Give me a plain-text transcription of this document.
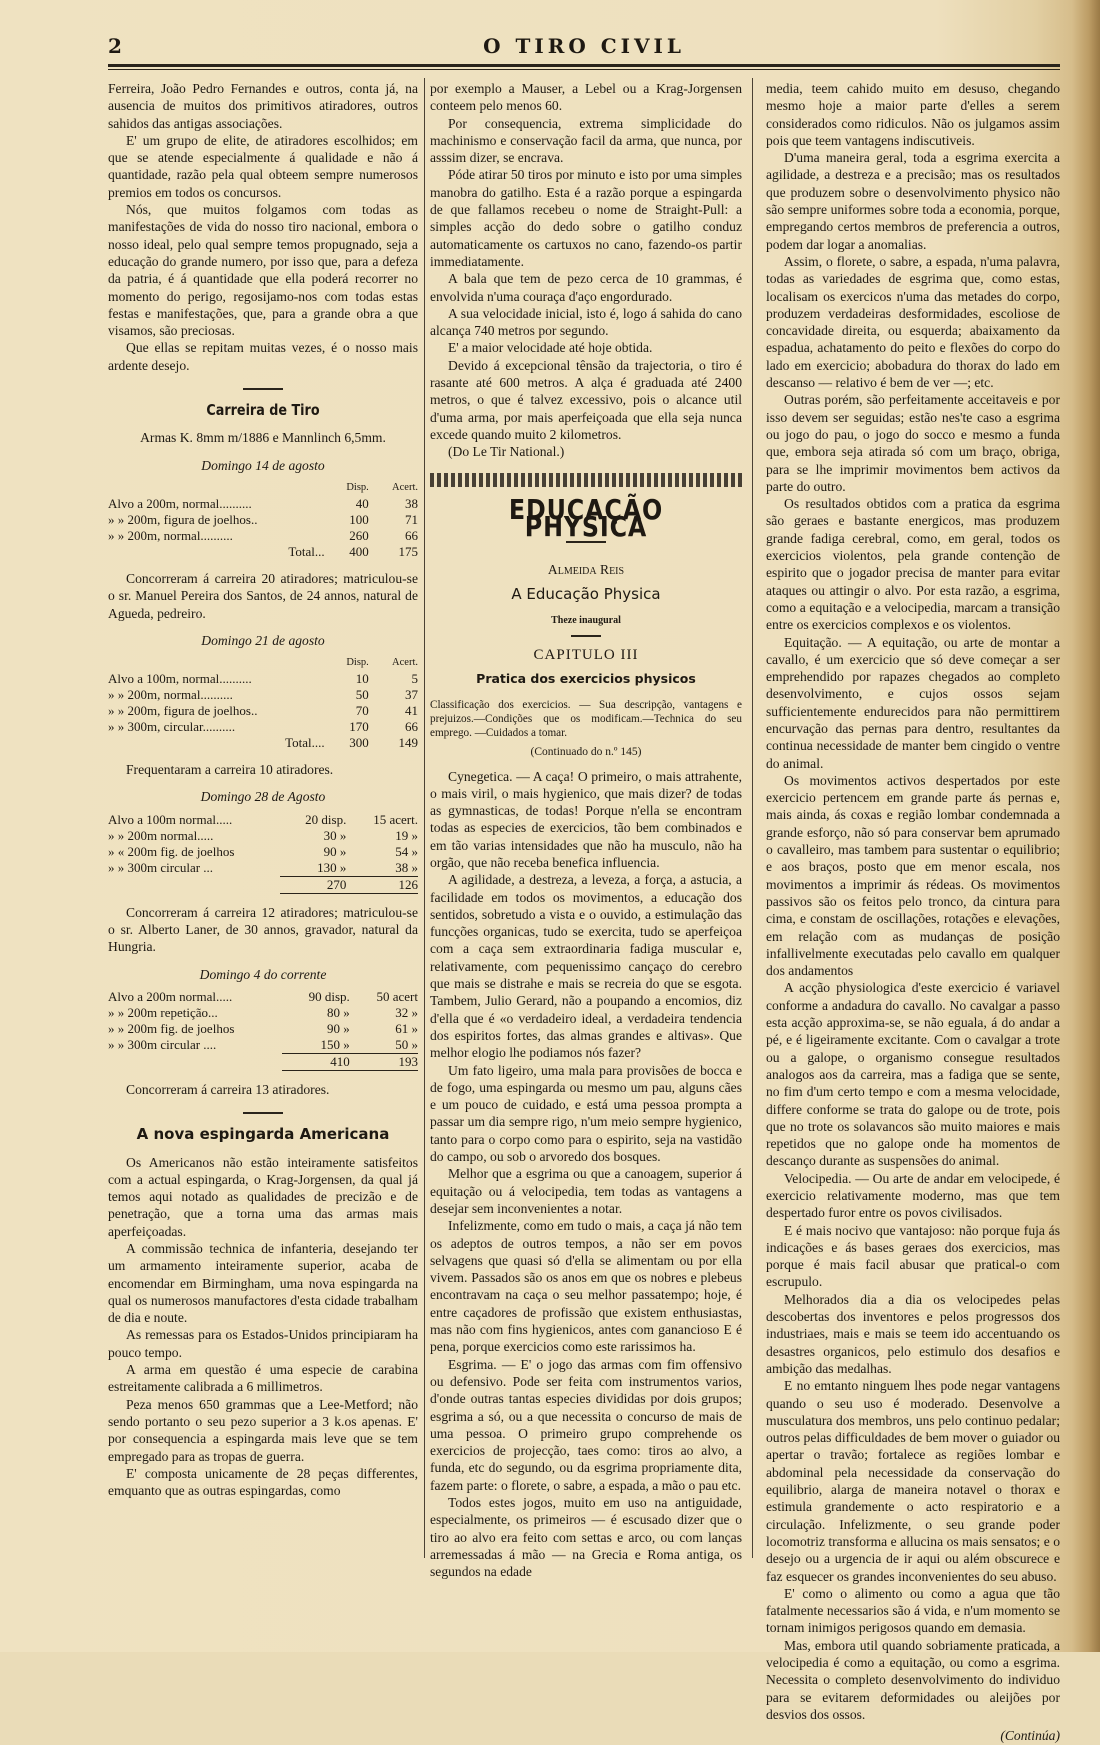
2	O TIRO CIVIL

Ferreira, João Pedro Fernandes e outros, conta já, na ausencia de muitos dos primitivos atiradores, outros sahidos das antigas associações.

E' um grupo de elite, de atiradores escolhidos; em que se atende especialmente á qualidade e não á quantidade, razão pela qual obteem sempre numerosos premios em todos os concursos.

Nós, que muitos folgamos com todas as manifestações de vida do nosso tiro nacional, embora o nosso ideal, pelo qual sempre temos propugnado, seja a educação do grande numero, por isso que, para a defeza da patria, é á quantidade que ella poderá recorrer no momento do perigo, regosijamo-nos com todas estas festas e manifestações, que, para a grande obra a que visamos, são preciosas.

Que ellas se repitam muitas vezes, é o nosso mais ardente desejo.

Carreira de Tiro

Armas K. 8mm m/1886 e Mannlinch 6,5mm.

Domingo 14 de agosto
	Disp.	Acert.
Alvo a 200m, normal..........	40	38
» » 200m, figura de joelhos..	100	71
» » 200m, normal..........	260	66
Total...	400	175

Concorreram á carreira 20 atiradores; matriculou-se o sr. Manuel Pereira dos Santos, de 24 annos, natural de Agueda, pedreiro.

Domingo 21 de agosto
	Disp.	Acert.
Alvo a 100m, normal..........	10	5
» » 200m, normal..........	50	37
» » 200m, figura de joelhos..	70	41
» » 300m, circular..........	170	66
Total....	300	149

Frequentaram a carreira 10 atiradores.

Domingo 28 de Agosto
Alvo a 100m normal.....	20 disp.	15 acert.
» » 200m normal.....	30 »	19 »
» « 200m fig. de joelhos	90 »	54 »
» » 300m circular ...	130 »	38 »
	270	126

Concorreram á carreira 12 atiradores; matriculou-se o sr. Alberto Laner, de 30 annos, gravador, natural da Hungria.

Domingo 4 do corrente
Alvo a 200m normal.....	90 disp.	50 acert
» » 200m repetição...	80 »	32 »
» » 200m fig. de joelhos	90 »	61 »
» » 300m circular ....	150 »	50 »
	410	193

Concorreram á carreira 13 atiradores.

A nova espingarda Americana

Os Americanos não estão inteiramente satisfeitos com a actual espingarda, o Krag-Jorgensen, da qual já temos aqui notado as qualidades de precizão e de penetração, que a torna uma das armas mais aperfeiçoadas.

A commissão technica de infanteria, desejando ter um armamento inteiramente superior, acaba de encomendar em Birmingham, uma nova espingarda na qual os numerosos manufactores d'esta cidade trabalham de dia e noute.

As remessas para os Estados-Unidos principiaram ha pouco tempo.

A arma em questão é uma especie de carabina estreitamente calibrada a 6 millimetros.

Peza menos 650 grammas que a Lee-Metford; não sendo portanto o seu pezo superior a 3 k.os apenas. E' por consequencia a espingarda mais leve que se tem empregado para as tropas de guerra.

E' composta unicamente de 28 peças differentes, emquanto que as outras espingardas, como

por exemplo a Mauser, a Lebel ou a Krag-Jorgensen conteem pelo menos 60.

Por consequencia, extrema simplicidade do machinismo e conservação facil da arma, que nunca, por asssim dizer, se encrava.

Póde atirar 50 tiros por minuto e isto por uma simples manobra do gatilho. Esta é a razão porque a espingarda de que fallamos recebeu o nome de Straight-Pull: a simples acção do dedo sobre o gatilho conduz automaticamente os cartuxos no cano, fazendo-os partir immediatamente.

A bala que tem de pezo cerca de 10 grammas, é envolvida n'uma couraça d'aço engordurado.

A sua velocidade inicial, isto é, logo á sahida do cano alcança 740 metros por segundo.

E' a maior velocidade até hoje obtida.

Devido á excepcional tênsão da trajectoria, o tiro é rasante até 600 metros. A alça é graduada até 2400 metros, o que é talvez excessivo, pois o alcance util d'uma arma, por mais aperfeiçoada que ella seja nunca excede quando muito 2 kilometros.

(Do Le Tir National.)

EDUCAÇÃO PHYSICA
Almeida Reis
A Educação Physica
Theze inaugural
CAPITULO III
Pratica dos exercicios physicos

Classificação dos exercicios. — Sua descripção, vantagens e prejuizos.—Condições que os modificam.—Technica do seu emprego. —Cuidados a tomar.

(Continuado do n.º 145)

Cynegetica. — A caça! O primeiro, o mais attrahente, o mais viril, o mais hygienico, que mais dizer? de todas as gymnasticas, de todas! Porque n'ella se encontram todas as especies de exercicios, tão bem combinados e em tão varias intensidades que não ha musculo, não ha orgão, que não receba benefica influencia.

A agilidade, a destreza, a leveza, a força, a astucia, a facilidade em todos os movimentos, a educação dos sentidos, sobretudo a vista e o ouvido, a estimulação das funcções organicas, tudo se exercita, tudo se aperfeiçoa com a caça sem extraordinaria fadiga muscular e, relativamente, com pequenissimo cançaço do cerebro que mais se distrahe e mais se recreia do que se esgota. Tambem, Julio Gerard, não a poupando a encomios, diz d'ella que é «o verdadeiro ideal, a verdadeira tendencia dos espiritos fortes, das almas grandes e altivas». Que melhor elogio lhe podiamos nós fazer?

Um fato ligeiro, uma mala para provisões de bocca e de fogo, uma espingarda ou mesmo um pau, alguns cães e um pouco de cuidado, e está uma pessoa prompta a passar um dia sempre rigo, n'um meio sempre hygienico, tanto para o corpo como para o espirito, seja na vastidão do campo, ou sob o arvoredo dos bosques.

Melhor que a esgrima ou que a canoagem, superior á equitação ou á velocipedia, tem todas as vantagens a desejar sem inconvenientes a notar.

Infelizmente, como em tudo o mais, a caça já não tem os adeptos de outros tempos, a não ser em povos selvagens que quasi só d'ella se alimentam ou por ella vivem. Passados são os anos em que os nobres e plebeus encontravam na caça o seu melhor passatempo; hoje, é entre caçadores de profissão que existem enthusiastas, mas não com fins hygienicos, antes com ganancioso E é pena, porque exercicios como este rarissimos ha.

Esgrima. — E' o jogo das armas com fim offensivo ou defensivo. Pode ser feita com instrumentos varios, d'onde outras tantas especies divididas por dois grupos; esgrima a só, ou a que necessita o concurso de mais de uma pessoa. O primeiro grupo comprehende os exercicios de projecção, taes como: tiros ao alvo, a funda, etc do segundo, ou da esgrima propriamente dita, fazem parte: o florete, o sabre, a espada, a mão o pau etc.

Todos estes jogos, muito em uso na antiguidade, especialmente, os primeiros — é escusado dizer que o tiro ao alvo era feito com settas e arco, ou com lanças arremessadas á mão — na Grecia e Roma antiga, os segundos na edade

media, teem cahido muito em desuso, chegando mesmo hoje a maior parte d'elles a serem considerados como ridiculos. Não os julgamos assim pois que teem vantagens indiscutiveis.

D'uma maneira geral, toda a esgrima exercita a agilidade, a destreza e a precisão; mas os resultados que produzem sobre o desenvolvimento physico não são sempre uniformes sobre toda a economia, porque, empregando certos membros de preferencia a outros, podem dar logar a anomalias.

Assim, o florete, o sabre, a espada, n'uma palavra, todas as variedades de esgrima que, como estas, localisam os exercicos n'uma das metades do corpo, produzem verdadeiras desformidades, escoliose de concavidade direita, ou esquerda; abaixamento da espadua, achatamento do peito e flexões do corpo do lado em exercicio; abobadura do thorax do lado em descanso — relativo é bem de ver —; etc.

Outras porém, são perfeitamente acceitaveis e por isso devem ser seguidas; estão nes'te caso a esgrima ou jogo do pau, o jogo do socco e mesmo a funda que, embora seja atirada só com um braço, obriga, para se lhe imprimir movimentos bem activos da parte do outro.

Os resultados obtidos com a pratica da esgrima são geraes e bastante energicos, mas produzem grande fadiga cerebral, como, em geral, todos os exercicios violentos, pela grande contenção de espirito que o jogador precisa de manter para evitar ataques ou attingir o alvo. Por esta razão, a esgrima, como a equitação e a velocipedia, marcam a transição entre os exercicios complexos e os violentos.

Equitação. — A equitação, ou arte de montar a cavallo, é um exercicio que só deve começar a ser emprehendido por rapazes chegados ao completo desenvolvimento, e cujos ossos sejam sufficientemente endurecidos para não permittirem encurvação das pernas para dentro, resultantes da continua necessidade de manter bem cingido o ventre do animal.

Os movimentos activos despertados por este exercicio pertencem em grande parte ás pernas e, mais ainda, ás coxas e região lombar condemnada a grande esforço, não só para conservar bem aprumado o cavalleiro, mas tambem para sustentar o equilibrio; e aos braços, posto que em menor escala, nos movimentos a imprimir ás rédeas. Os movimentos passivos são os feitos pelo tronco, da cintura para cima, e constam de oscillações, rotações e elevações, em relação com as mudanças de posição infallivelmente executadas pelo cavallo em qualquer dos andamentos

A acção physiologica d'este exercicio é variavel conforme a andadura do cavallo. No cavalgar a passo esta acção approxima-se, se não eguala, á do andar a pé, e é ligeiramente excitante. Com o cavalgar a trote ou a galope, o organismo consegue resultados analogos aos da carreira, mas a fadiga que se sente, no fim d'um certo tempo e com a mesma velocidade, differe conforme se trata do galope ou de trote, pois que no trote os solavancos são muito maiores e mais repetidos que no galope onde ha momentos de descanço durante as suspensões do animal.

Velocipedia. — Ou arte de andar em velocipede, é exercicio relativamente moderno, mas que tem despertado furor entre os povos civilisados.

E é mais nocivo que vantajoso: não porque fuja ás indicações e ás bases geraes dos exercicios, mas porque é mais facil abusar que pratical-o com escrupulo.

Melhorados dia a dia os velocipedes pelas descobertas dos inventores e pelos progressos dos industriaes, mais e mais se teem ido accentuando os desastres organicos, pelo estimulo dos desafios e ambição das medalhas.

E no emtanto ninguem lhes pode negar vantagens quando o seu uso é moderado. Desenvolve a musculatura dos membros, uns pelo continuo pedalar; outros pelas difficuldades de bem mover o guiador ou apertar o travão; fortalece as regiões lombar e abdominal pela necessidade da conservação do equilibrio, alarga de maneira notavel o thorax e estimula grandemente o acto respiratorio e a circulação. Infelizmente, o seu grande poder locomotriz transforma e allucina os mais sensatos; e o desejo ou a urgencia de ir aqui ou além obscurece e faz esquecer os grandes inconvenientes do seu abuso.

E' como o alimento ou como a agua que tão fatalmente necessarios são á vida, e n'um momento se tornam inimigos perigosos quando em demasia.

Mas, embora util quando sobriamente praticada, a velocipedia é como a equitação, ou como a esgrima. Necessita o completo desenvolvimento do individuo para se evitarem deformidades ou aleijões por desvios dos ossos.

(Continúa)
